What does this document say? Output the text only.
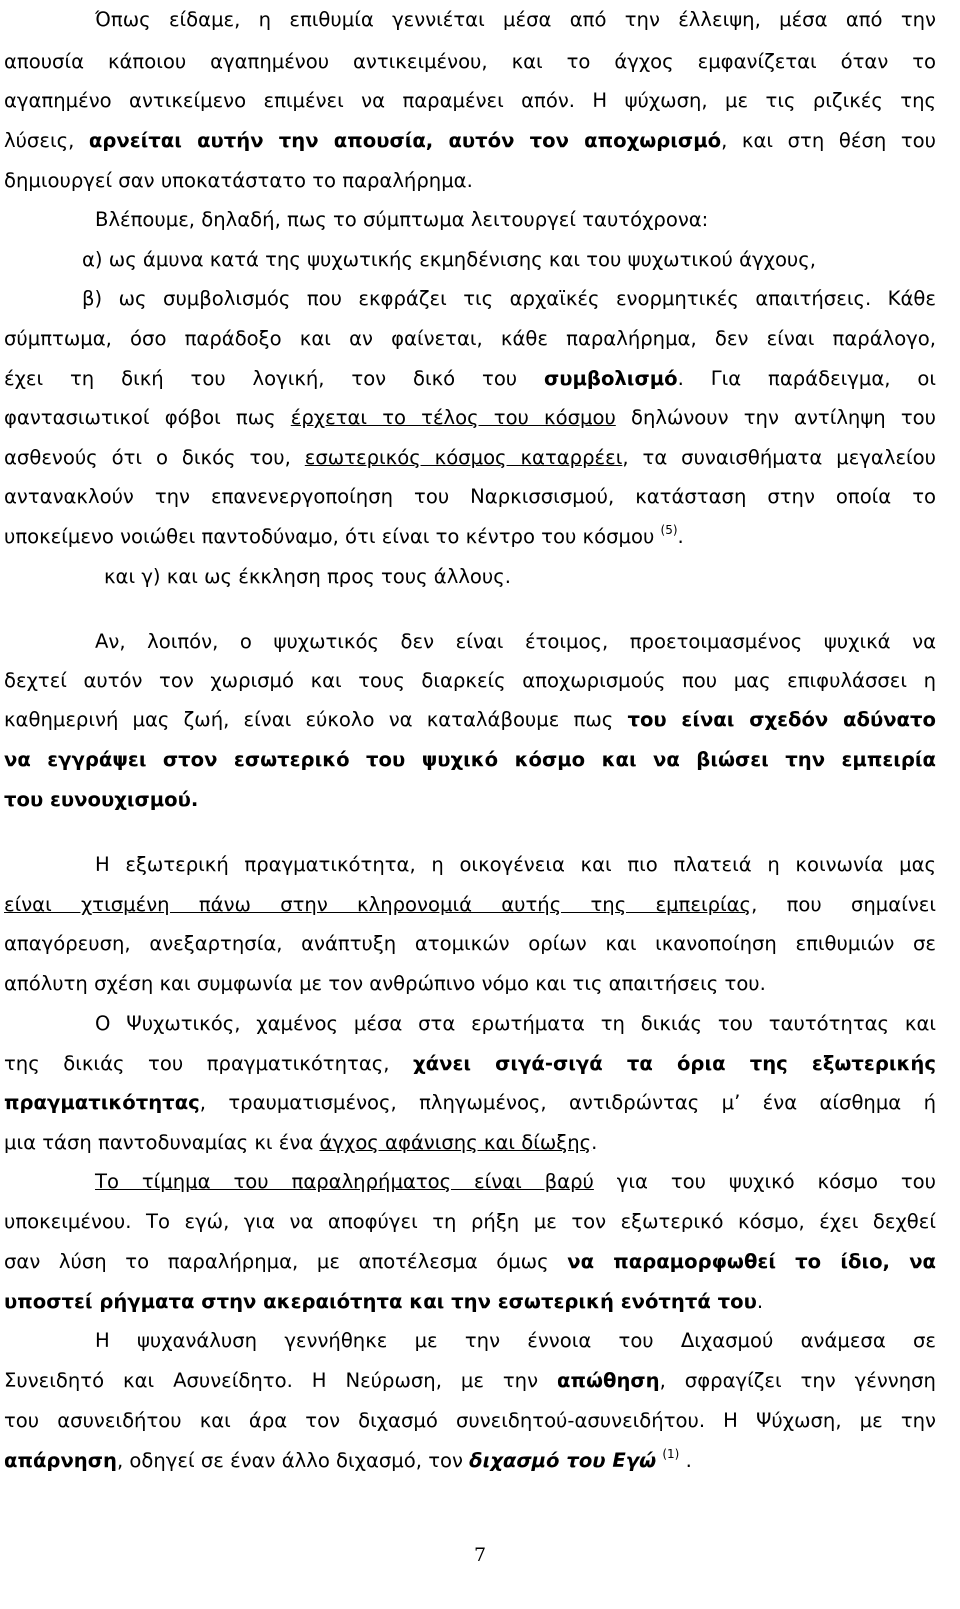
Όπως είδαμε, η επιθυμία γεννιέται μέσα από την έλλειψη, μέσα από την
απουσία κάποιου αγαπημένου αντικειμένου, και το άγχος εμφανίζεται όταν το
αγαπημένο αντικείμενο επιμένει να παραμένει απόν. Η ψύχωση, με τις ριζικές της
λύσεις, αρνείται αυτήν την απουσία, αυτόν τον αποχωρισμό, και στη θέση του
δημιουργεί σαν υποκατάστατο το παραλήρημα.
Βλέπουμε, δηλαδή, πως το σύμπτωμα λειτουργεί ταυτόχρονα:
α) ως άμυνα κατά της ψυχωτικής εκμηδένισης και του ψυχωτικού άγχους,
β) ως συμβολισμός που εκφράζει τις αρχαϊκές ενορμητικές απαιτήσεις. Κάθε
σύμπτωμα, όσο παράδοξο και αν φαίνεται, κάθε παραλήρημα, δεν είναι παράλογο,
έχει τη δική του λογική, τον δικό του συμβολισμό. Για παράδειγμα, οι
φαντασιωτικοί φόβοι πως έρχεται το τέλος του κόσμου δηλώνουν την αντίληψη του
ασθενούς ότι ο δικός του, εσωτερικός κόσμος καταρρέει, τα συναισθήματα μεγαλείου
αντανακλούν την επανενεργοποίηση του Ναρκισσισμού, κατάσταση στην οποία το
υποκείμενο νοιώθει παντοδύναμο, ότι είναι το κέντρο του κόσμου $^{(5)}$.
και γ) και ως έκκληση προς τους άλλους.
Αν, λοιπόν, ο ψυχωτικός δεν είναι έτοιμος, προετοιμασμένος ψυχικά να
δεχτεί αυτόν τον χωρισμό και τους διαρκείς αποχωρισμούς που μας επιφυλάσσει η
καθημερινή μας ζωή, είναι εύκολο να καταλάβουμε πως του είναι σχεδόν αδύνατο
να εγγράψει στον εσωτερικό του ψυχικό κόσμο και να βιώσει την εμπειρία
του ευνουχισμού.
Η εξωτερική πραγματικότητα, η οικογένεια και πιο πλατειά η κοινωνία μας
είναι χτισμένη πάνω στην κληρονομιά αυτής της εμπειρίας, που σημαίνει
απαγόρευση, ανεξαρτησία, ανάπτυξη ατομικών ορίων και ικανοποίηση επιθυμιών σε
απόλυτη σχέση και συμφωνία με τον ανθρώπινο νόμο και τις απαιτήσεις του.
Ο Ψυχωτικός, χαμένος μέσα στα ερωτήματα τη δικιάς του ταυτότητας και
της δικιάς του πραγματικότητας, χάνει σιγά-σιγά τα όρια της εξωτερικής
πραγματικότητας, τραυματισμένος, πληγωμένος, αντιδρώντας μ’ ένα αίσθημα ή
μια τάση παντοδυναμίας κι ένα άγχος αφάνισης και δίωξης.
Το τίμημα του παραληρήματος είναι βαρύ για του ψυχικό κόσμο του
υποκειμένου. Το εγώ, για να αποφύγει τη ρήξη με τον εξωτερικό κόσμο, έχει δεχθεί
σαν λύση το παραλήρημα, με αποτέλεσμα όμως να παραμορφωθεί το ίδιο, να
υποστεί ρήγματα στην ακεραιότητα και την εσωτερική ενότητά του.
Η ψυχανάλυση γεννήθηκε με την έννοια του Διχασμού ανάμεσα σε
Συνειδητό και Ασυνείδητο. Η Νεύρωση, με την απώθηση, σφραγίζει την γέννηση
του ασυνειδήτου και άρα τον διχασμό συνειδητού-ασυνειδήτου. Η Ψύχωση, με την
απάρνηση, οδηγεί σε έναν άλλο διχασμό, τον διχασμό του Εγώ $^{(1)}$ .
7
